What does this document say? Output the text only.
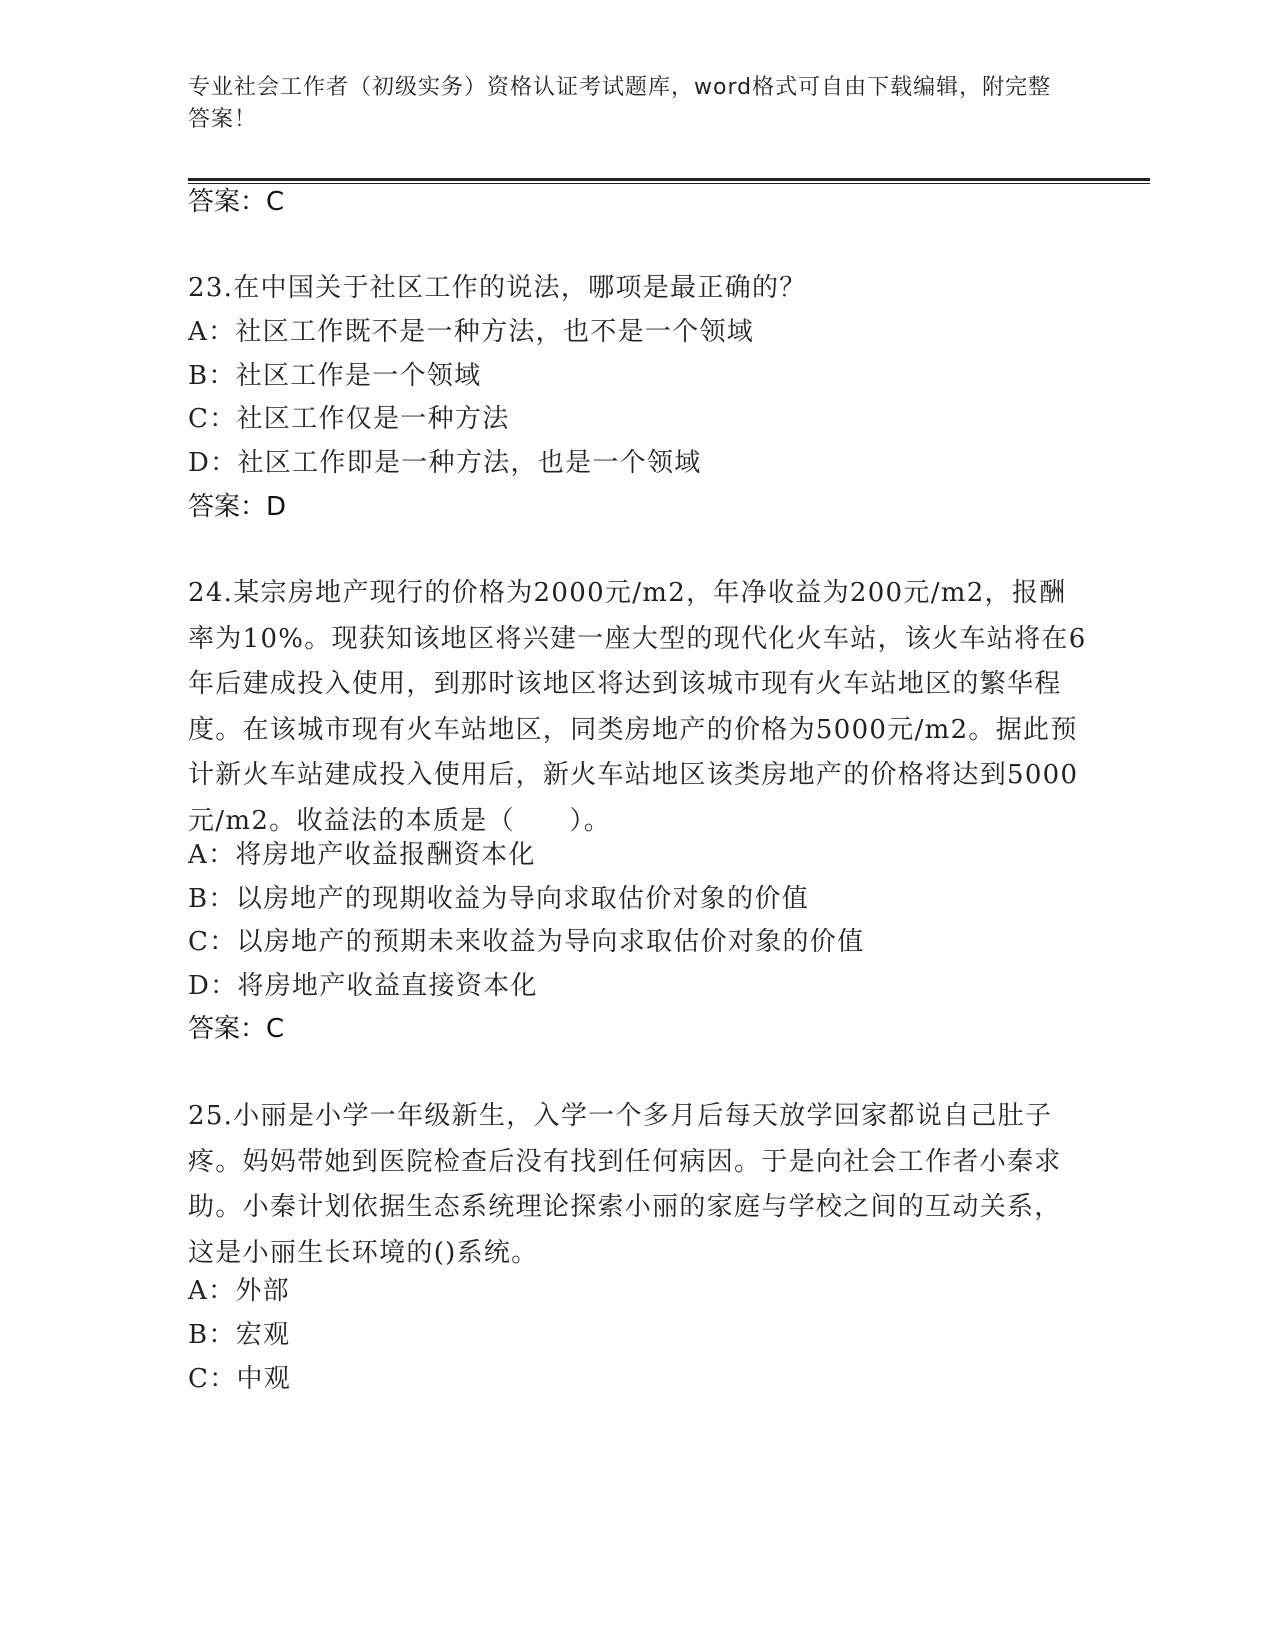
专业社会工作者（初级实务）资格认证考试题库，word格式可自由下载编辑，附完整答案！
答案：C
23.在中国关于社区工作的说法，哪项是最正确的？
A：社区工作既不是一种方法，也不是一个领域
B：社区工作是一个领域
C：社区工作仅是一种方法
D：社区工作即是一种方法，也是一个领域
答案：D
24.某宗房地产现行的价格为2000元/m2，年净收益为200元/m2，报酬率为10%。现获知该地区将兴建一座大型的现代化火车站，该火车站将在6年后建成投入使用，到那时该地区将达到该城市现有火车站地区的繁华程度。在该城市现有火车站地区，同类房地产的价格为5000元/m2。据此预计新火车站建成投入使用后，新火车站地区该类房地产的价格将达到5000元/m2。收益法的本质是（　　）。
A：将房地产收益报酬资本化
B：以房地产的现期收益为导向求取估价对象的价值
C：以房地产的预期未来收益为导向求取估价对象的价值
D：将房地产收益直接资本化
答案：C
25.小丽是小学一年级新生，入学一个多月后每天放学回家都说自己肚子疼。妈妈带她到医院检查后没有找到任何病因。于是向社会工作者小秦求助。小秦计划依据生态系统理论探索小丽的家庭与学校之间的互动关系，这是小丽生长环境的()系统。
A：外部
B：宏观
C：中观
